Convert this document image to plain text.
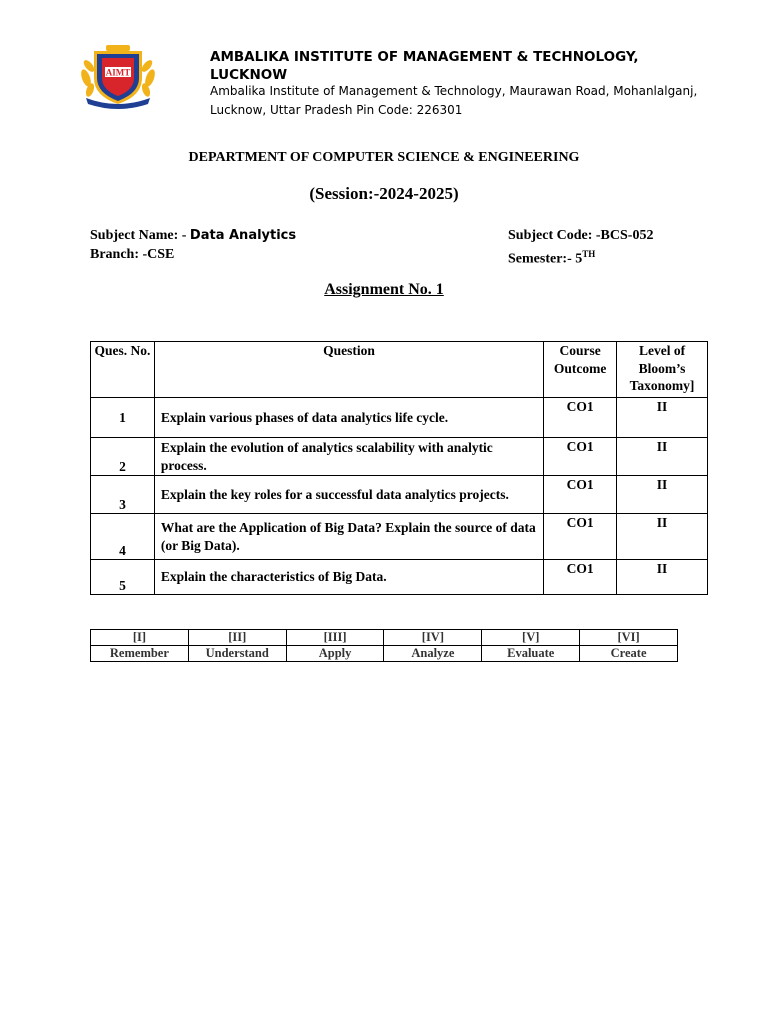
AIMT
AMBALIKA INSTITUTE OF MANAGEMENT & TECHNOLOGY, LUCKNOW
Ambalika Institute of Management & Technology, Maurawan Road, Mohanlalganj, Lucknow, Uttar Pradesh Pin Code: 226301
DEPARTMENT OF COMPUTER SCIENCE & ENGINEERING
(Session:-2024-2025)
Subject Name: - Data Analytics
Branch: -CSE
Subject Code: -BCS-052
Semester:- 5TH
Assignment No. 1
Ques. No.	Question	Course Outcome	Level of Bloom’s Taxonomy]
1	Explain various phases of data analytics life cycle.	CO1	II
2	Explain the evolution of analytics scalability with analytic process.	CO1	II
3	Explain the key roles for a successful data analytics projects.	CO1	II
4	What are the Application of Big Data? Explain the source of data (or Big Data).	CO1	II
5	Explain the characteristics of Big Data.	CO1	II
[I]	[II]	[III]	[IV]	[V]	[VI]
Remember	Understand	Apply	Analyze	Evaluate	Create
